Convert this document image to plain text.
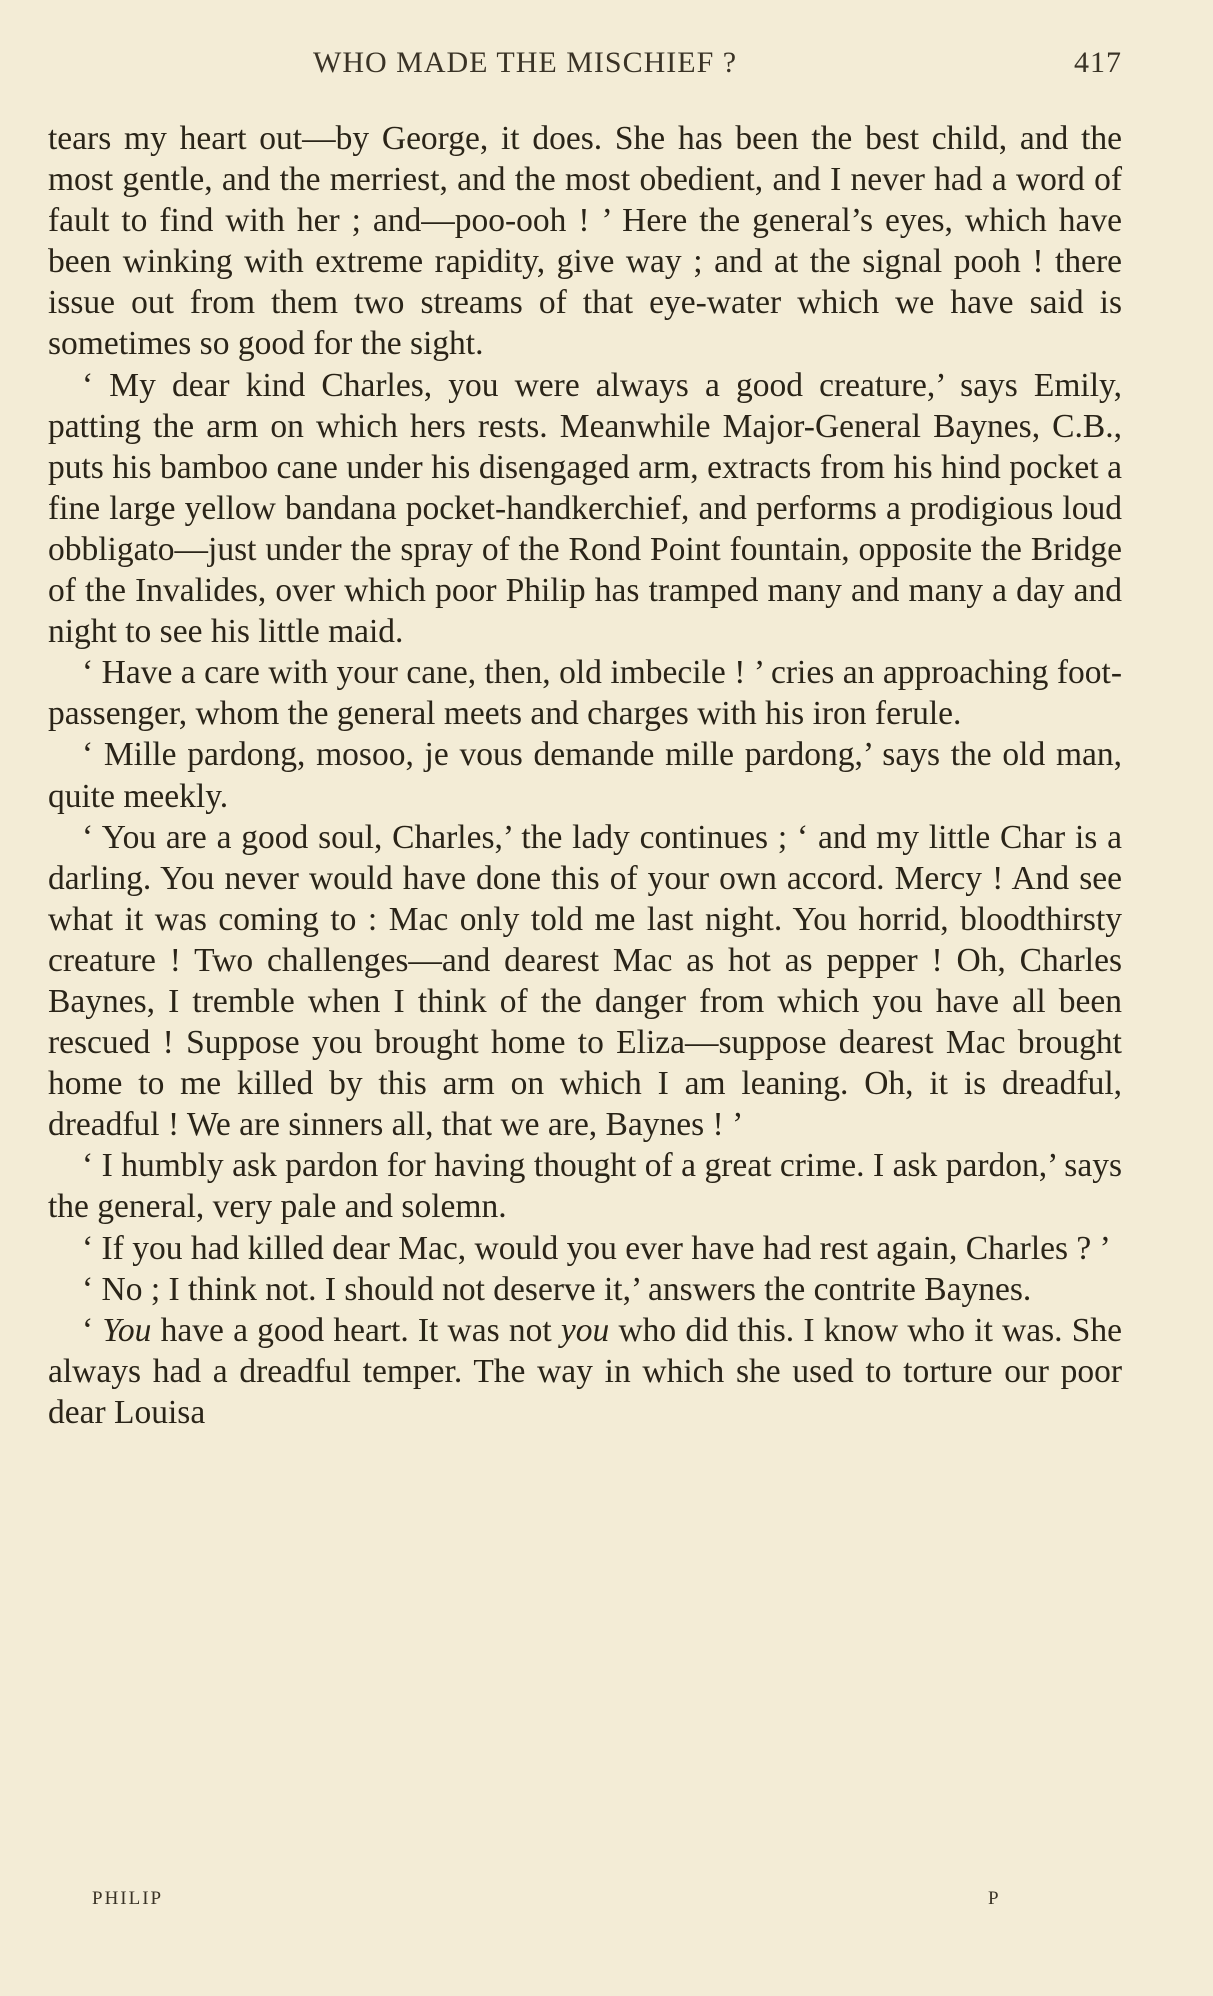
WHO MADE THE MISCHIEF ?	417

tears my heart out—by George, it does. She has been the best child, and the most gentle, and the merriest, and the most obedient, and I never had a word of fault to find with her ; and—poo-ooh ! ’ Here the general’s eyes, which have been winking with extreme rapidity, give way ; and at the signal pooh ! there issue out from them two streams of that eye-water which we have said is sometimes so good for the sight.

‘ My dear kind Charles, you were always a good creature,’ says Emily, patting the arm on which hers rests. Meanwhile Major-General Baynes, C.B., puts his bamboo cane under his disengaged arm, extracts from his hind pocket a fine large yellow bandana pocket-handkerchief, and performs a prodigious loud obbligato—just under the spray of the Rond Point fountain, opposite the Bridge of the Invalides, over which poor Philip has tramped many and many a day and night to see his little maid.

‘ Have a care with your cane, then, old imbecile ! ’ cries an approaching foot-passenger, whom the general meets and charges with his iron ferule.

‘ Mille pardong, mosoo, je vous demande mille pardong,’ says the old man, quite meekly.

‘ You are a good soul, Charles,’ the lady continues ; ‘ and my little Char is a darling. You never would have done this of your own accord. Mercy ! And see what it was coming to : Mac only told me last night. You horrid, bloodthirsty creature ! Two challenges—and dearest Mac as hot as pepper ! Oh, Charles Baynes, I tremble when I think of the danger from which you have all been rescued ! Suppose you brought home to Eliza—suppose dearest Mac brought home to me killed by this arm on which I am leaning. Oh, it is dreadful, dreadful ! We are sinners all, that we are, Baynes ! ’

‘ I humbly ask pardon for having thought of a great crime. I ask pardon,’ says the general, very pale and solemn.

‘ If you had killed dear Mac, would you ever have had rest again, Charles ? ’

‘ No ; I think not. I should not deserve it,’ answers the contrite Baynes.

‘ You have a good heart. It was not you who did this. I know who it was. She always had a dreadful temper. The way in which she used to torture our poor dear Louisa

PHILIP	P
